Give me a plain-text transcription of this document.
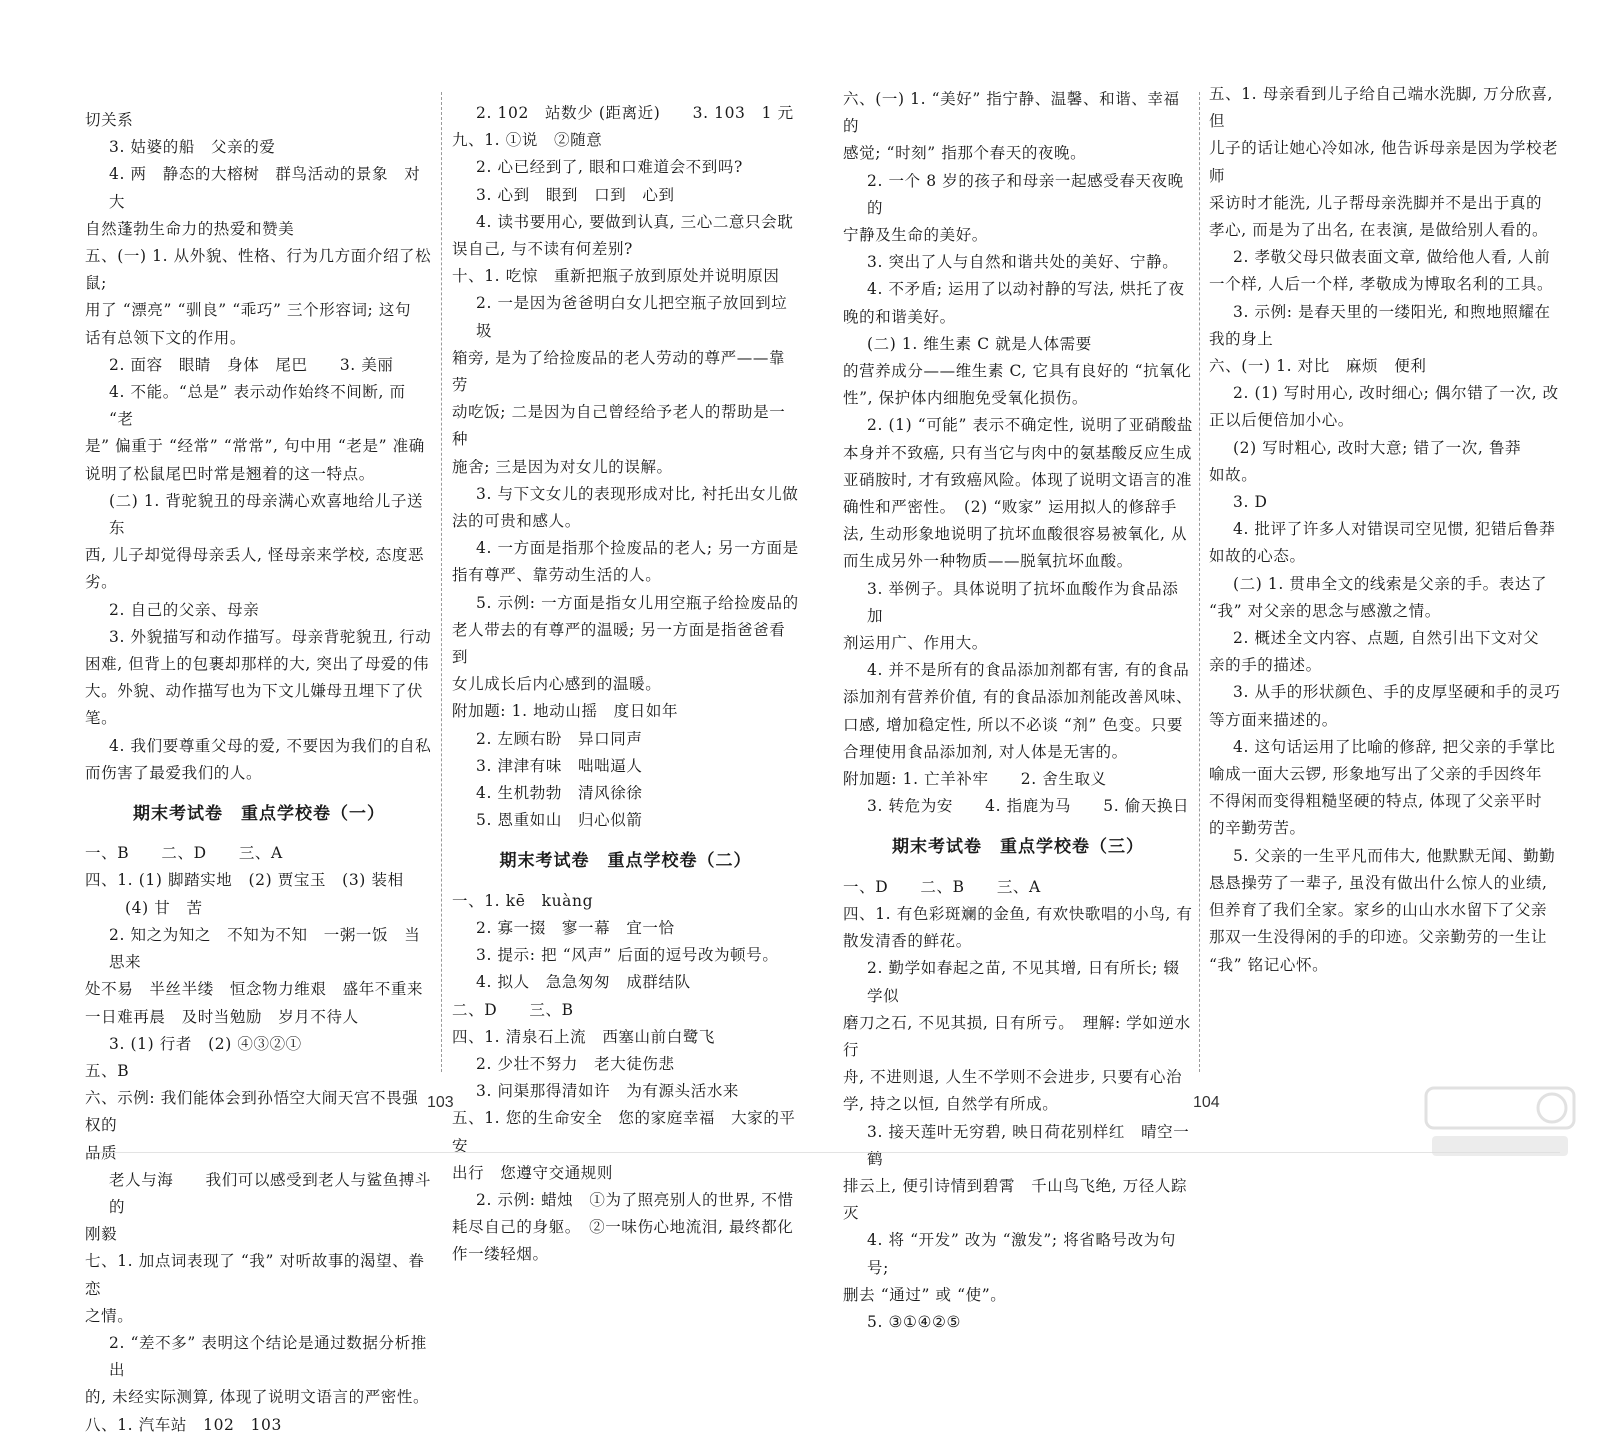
切关系
3. 姑婆的船　父亲的爱
4. 两　静态的大榕树　群鸟活动的景象　对大
自然蓬勃生命力的热爱和赞美
五、(一) 1. 从外貌、性格、行为几方面介绍了松鼠;
用了 “漂亮” “驯良” “乖巧” 三个形容词; 这句
话有总领下文的作用。
2. 面容　眼睛　身体　尾巴　　3. 美丽
4. 不能。“总是” 表示动作始终不间断, 而 “老
是” 偏重于 “经常” “常常”, 句中用 “老是” 准确
说明了松鼠尾巴时常是翘着的这一特点。
(二) 1. 背驼貌丑的母亲满心欢喜地给儿子送东
西, 儿子却觉得母亲丢人, 怪母亲来学校, 态度恶劣。
2. 自己的父亲、母亲
3. 外貌描写和动作描写。母亲背驼貌丑, 行动
困难, 但背上的包裹却那样的大, 突出了母爱的伟
大。外貌、动作描写也为下文儿嫌母丑埋下了伏笔。
4. 我们要尊重父母的爱, 不要因为我们的自私
而伤害了最爱我们的人。
期末考试卷　重点学校卷（一）
一、B　　二、D　　三、A
四、1. (1) 脚踏实地　(2) 贾宝玉　(3) 装相
(4) 甘　苦
2. 知之为知之　不知为不知　一粥一饭　当思来
处不易　半丝半缕　恒念物力维艰　盛年不重来
一日难再晨　及时当勉励　岁月不待人
3. (1) 行者　(2) ④③②①
五、B
六、示例: 我们能体会到孙悟空大闹天宫不畏强权的
品质
老人与海　　我们可以感受到老人与鲨鱼搏斗的
刚毅
七、1. 加点词表现了 “我” 对听故事的渴望、眷恋
之情。
2. “差不多” 表明这个结论是通过数据分析推出
的, 未经实际测算, 体现了说明文语言的严密性。
八、1. 汽车站　102　103
2. 102　站数少 (距离近)　　3. 103　1 元
九、1. ①说　②随意
2. 心已经到了, 眼和口难道会不到吗?
3. 心到　眼到　口到　心到
4. 读书要用心, 要做到认真, 三心二意只会耽
误自己, 与不读有何差别?
十、1. 吃惊　重新把瓶子放到原处并说明原因
2. 一是因为爸爸明白女儿把空瓶子放回到垃圾
箱旁, 是为了给捡废品的老人劳动的尊严——靠劳
动吃饭; 二是因为自己曾经给予老人的帮助是一种
施舍; 三是因为对女儿的误解。
3. 与下文女儿的表现形成对比, 衬托出女儿做
法的可贵和感人。
4. 一方面是指那个捡废品的老人; 另一方面是
指有尊严、靠劳动生活的人。
5. 示例: 一方面是指女儿用空瓶子给捡废品的
老人带去的有尊严的温暖; 另一方面是指爸爸看到
女儿成长后内心感到的温暖。
附加题: 1. 地动山摇　度日如年
2. 左顾右盼　异口同声
3. 津津有味　咄咄逼人
4. 生机勃勃　清风徐徐
5. 恩重如山　归心似箭
期末考试卷　重点学校卷（二）
一、1. kē　kuàng
2. 寡一掇　寥一幕　宜一恰
3. 提示: 把 “风声” 后面的逗号改为顿号。
4. 拟人　急急匆匆　成群结队
二、D　　三、B
四、1. 清泉石上流　西塞山前白鹭飞
2. 少壮不努力　老大徒伤悲
3. 问渠那得清如许　为有源头活水来
五、1. 您的生命安全　您的家庭幸福　大家的平安
出行　您遵守交通规则
2. 示例: 蜡烛　①为了照亮别人的世界, 不惜
耗尽自己的身躯。　②一味伤心地流泪, 最终都化
作一缕轻烟。
六、(一) 1. “美好” 指宁静、温馨、和谐、幸福的
感觉; “时刻” 指那个春天的夜晚。
2. 一个 8 岁的孩子和母亲一起感受春天夜晚的
宁静及生命的美好。
3. 突出了人与自然和谐共处的美好、宁静。
4. 不矛盾; 运用了以动衬静的写法, 烘托了夜
晚的和谐美好。
(二) 1. 维生素 C 就是人体需要
的营养成分——维生素 C, 它具有良好的 “抗氧化
性”, 保护体内细胞免受氧化损伤。
2. (1) “可能” 表示不确定性, 说明了亚硝酸盐
本身并不致癌, 只有当它与肉中的氨基酸反应生成
亚硝胺时, 才有致癌风险。体现了说明文语言的准
确性和严密性。　(2) “败家” 运用拟人的修辞手
法, 生动形象地说明了抗坏血酸很容易被氧化, 从
而生成另外一种物质——脱氧抗坏血酸。
3. 举例子。具体说明了抗坏血酸作为食品添加
剂运用广、作用大。
4. 并不是所有的食品添加剂都有害, 有的食品
添加剂有营养价值, 有的食品添加剂能改善风味、
口感, 增加稳定性, 所以不必谈 “剂” 色变。只要
合理使用食品添加剂, 对人体是无害的。
附加题: 1. 亡羊补牢　　2. 舍生取义
3. 转危为安　　4. 指鹿为马　　5. 偷天换日
期末考试卷　重点学校卷（三）
一、D　　二、B　　三、A
四、1. 有色彩斑斓的金鱼, 有欢快歌唱的小鸟, 有
散发清香的鲜花。
2. 勤学如春起之苗, 不见其增, 日有所长; 辍学似
磨刀之石, 不见其损, 日有所亏。　理解: 学如逆水行
舟, 不进则退, 人生不学则不会进步, 只要有心治
学, 持之以恒, 自然学有所成。
3. 接天莲叶无穷碧, 映日荷花别样红　晴空一鹤
排云上, 便引诗情到碧霄　千山鸟飞绝, 万径人踪灭
4. 将 “开发” 改为 “激发”; 将省略号改为句号;
删去 “通过” 或 “使”。
5. ③①④②⑤
五、1. 母亲看到儿子给自己端水洗脚, 万分欣喜, 但
儿子的话让她心冷如冰, 他告诉母亲是因为学校老师
采访时才能洗, 儿子帮母亲洗脚并不是出于真的
孝心, 而是为了出名, 在表演, 是做给别人看的。
2. 孝敬父母只做表面文章, 做给他人看, 人前
一个样, 人后一个样, 孝敬成为博取名利的工具。
3. 示例: 是春天里的一缕阳光, 和煦地照耀在
我的身上
六、(一) 1. 对比　麻烦　便利
2. (1) 写时用心, 改时细心; 偶尔错了一次, 改
正以后便倍加小心。
(2) 写时粗心, 改时大意; 错了一次, 鲁莽
如故。
3. D
4. 批评了许多人对错误司空见惯, 犯错后鲁莽
如故的心态。
(二) 1. 贯串全文的线索是父亲的手。表达了
“我” 对父亲的思念与感激之情。
2. 概述全文内容、点题, 自然引出下文对父
亲的手的描述。
3. 从手的形状颜色、手的皮厚坚硬和手的灵巧
等方面来描述的。
4. 这句话运用了比喻的修辞, 把父亲的手掌比
喻成一面大云锣, 形象地写出了父亲的手因终年
不得闲而变得粗糙坚硬的特点, 体现了父亲平时
的辛勤劳苦。
5. 父亲的一生平凡而伟大, 他默默无闻、勤勤
恳恳操劳了一辈子, 虽没有做出什么惊人的业绩,
但养育了我们全家。家乡的山山水水留下了父亲
那双一生没得闲的手的印迹。父亲勤劳的一生让
“我” 铭记心怀。
103	104
